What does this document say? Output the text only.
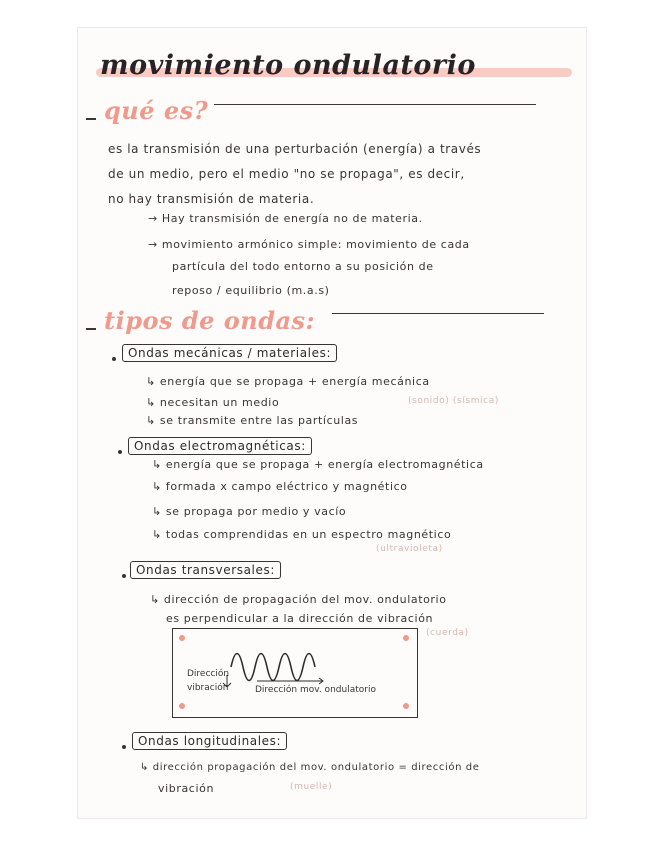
movimiento ondulatorio
qué es?
es la transmisión de una perturbación (energía) a través
de un medio, pero el medio "no se propaga", es decir,
no hay transmisión de materia.
→ Hay transmisión de energía no de materia.
→ movimiento armónico simple: movimiento de cada
partícula del todo entorno a su posición de
reposo / equilibrio (m.a.s)
tipos de ondas:
Ondas mecánicas / materiales:
↳ energía que se propaga + energía mecánica
↳ necesitan un medio
↳ se transmite entre las partículas
(sonido) (sísmica)
Ondas electromagnéticas:
↳ energía que se propaga + energía electromagnética
↳ formada x campo eléctrico y magnético
↳ se propaga por medio y vacío
↳ todas comprendidas en un espectro magnético
(ultravioleta)
Ondas transversales:
↳ dirección de propagación del mov. ondulatorio
es perpendicular a la dirección de vibración
(cuerda)
Dirección
vibración	Dirección mov. ondulatorio
Ondas longitudinales:
↳ dirección propagación del mov. ondulatorio = dirección de
vibración	(muelle)
